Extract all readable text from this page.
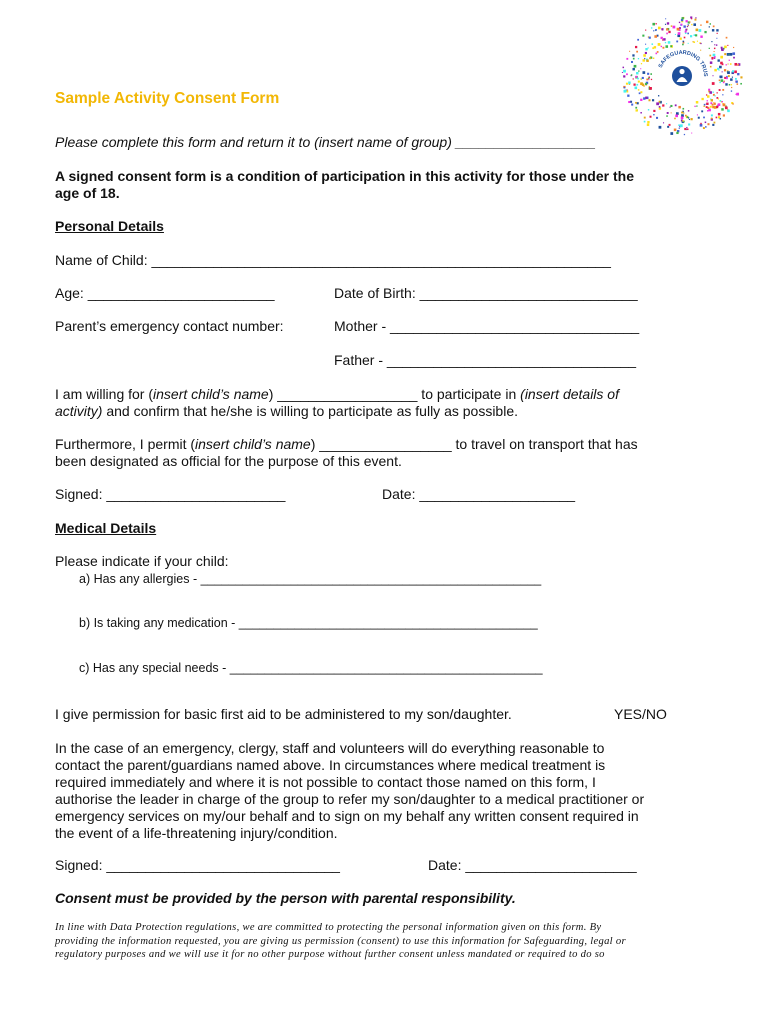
SAFEGUARDING TRUS
Sample Activity Consent Form
Please complete this form and return it to (insert name of group) __________________
A signed consent form is a condition of participation in this activity for those under the
age of 18.
Personal Details
Name of Child: ___________________________________________________________
Age: ________________________	Date of Birth: ____________________________
Parent’s emergency contact number:	Mother - ________________________________
Father - ________________________________
I am willing for (insert child’s name) __________________ to participate in (insert details of
activity) and confirm that he/she is willing to participate as fully as possible.
Furthermore, I permit (insert child’s name) _________________ to travel on transport that has
been designated as official for the purpose of this event.
Signed: _______________________	Date: ____________________
Medical Details
Please indicate if your child:
a) Has any allergies - _________________________________________________
b) Is taking any medication - ___________________________________________
c) Has any special needs - _____________________________________________
I give permission for basic first aid to be administered to my son/daughter.	YES/NO
In the case of an emergency, clergy, staff and volunteers will do everything reasonable to
contact the parent/guardians named above. In circumstances where medical treatment is
required immediately and where it is not possible to contact those named on this form, I
authorise the leader in charge of the group to refer my son/daughter to a medical practitioner or
emergency services on my/our behalf and to sign on my behalf any written consent required in
the event of a life-threatening injury/condition.
Signed: ______________________________	Date: ______________________
Consent must be provided by the person with parental responsibility.
In line with Data Protection regulations, we are committed to protecting the personal information given on this form. By
providing the information requested, you are giving us permission (consent) to use this information for Safeguarding, legal or
regulatory purposes and we will use it for no other purpose without further consent unless mandated or required to do so
